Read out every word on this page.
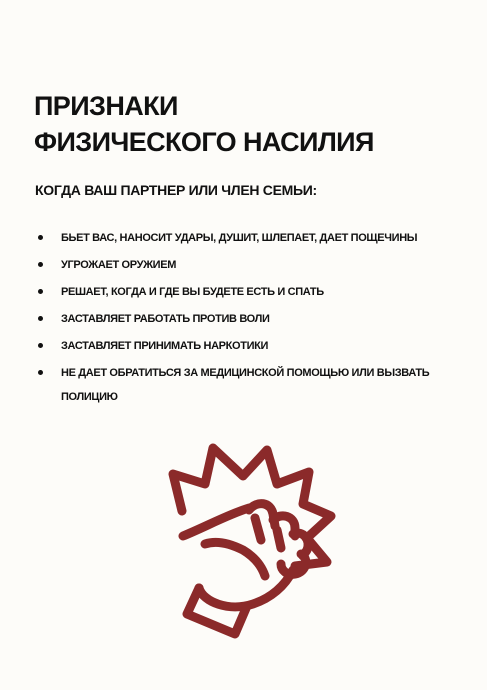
ПРИЗНАКИ
ФИЗИЧЕСКОГО НАСИЛИЯ

КОГДА ВАШ ПАРТНЕР ИЛИ ЧЛЕН СЕМЬИ:

БЬЕТ ВАС, НАНОСИТ УДАРЫ, ДУШИТ, ШЛЕПАЕТ, ДАЕТ ПОЩЕЧИНЫ
УГРОЖАЕТ ОРУЖИЕМ
РЕШАЕТ, КОГДА И ГДЕ ВЫ БУДЕТЕ ЕСТЬ И СПАТЬ
ЗАСТАВЛЯЕТ РАБОТАТЬ ПРОТИВ ВОЛИ
ЗАСТАВЛЯЕТ ПРИНИМАТЬ НАРКОТИКИ
НЕ ДАЕТ ОБРАТИТЬСЯ ЗА МЕДИЦИНСКОЙ ПОМОЩЬЮ ИЛИ ВЫЗВАТЬ ПОЛИЦИЮ
